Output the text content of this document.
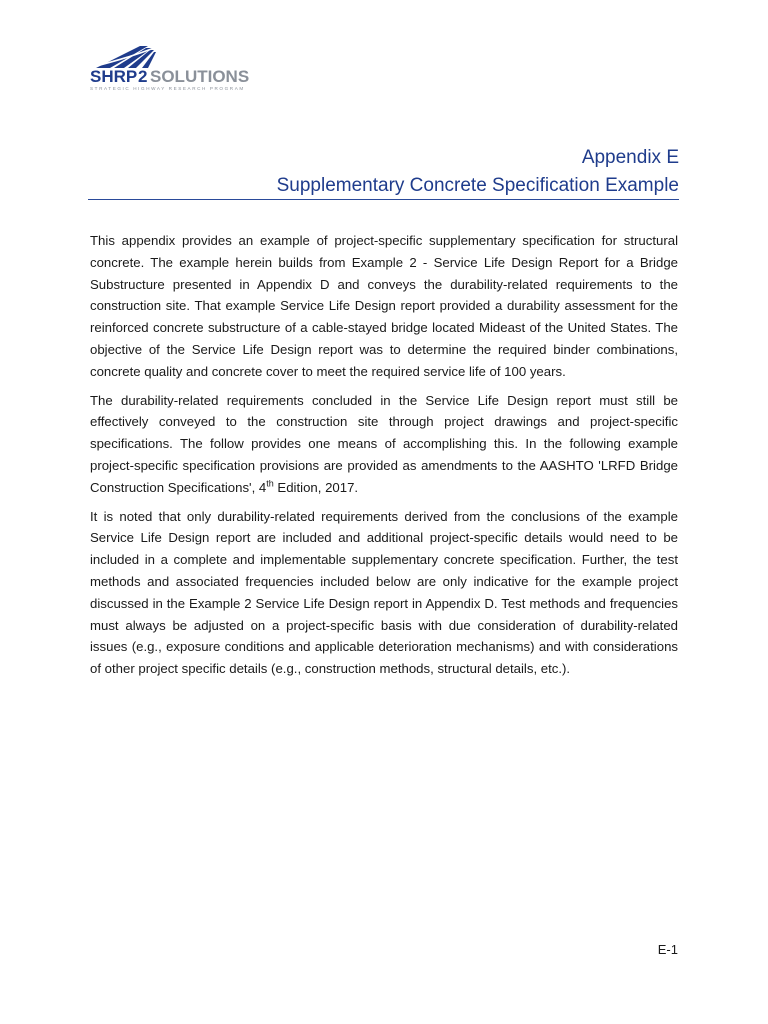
SHRP 2 SOLUTIONS
STRATEGIC HIGHWAY RESEARCH PROGRAM
Appendix E
Supplementary Concrete Specification Example

This appendix provides an example of project-specific supplementary specification for structural concrete. The example herein builds from Example 2 - Service Life Design Report for a Bridge Substructure presented in Appendix D and conveys the durability-related requirements to the construction site. That example Service Life Design report provided a durability assessment for the reinforced concrete substructure of a cable-stayed bridge located Mideast of the United States. The objective of the Service Life Design report was to determine the required binder combinations, concrete quality and concrete cover to meet the required service life of 100 years.

The durability-related requirements concluded in the Service Life Design report must still be effectively conveyed to the construction site through project drawings and project-specific specifications. The follow provides one means of accomplishing this. In the following example project-specific specification provisions are provided as amendments to the AASHTO 'LRFD Bridge Construction Specifications', 4th Edition, 2017.

It is noted that only durability-related requirements derived from the conclusions of the example Service Life Design report are included and additional project-specific details would need to be included in a complete and implementable supplementary concrete specification. Further, the test methods and associated frequencies included below are only indicative for the example project discussed in the Example 2 Service Life Design report in Appendix D. Test methods and frequencies must always be adjusted on a project-specific basis with due consideration of durability-related issues (e.g., exposure conditions and applicable deterioration mechanisms) and with considerations of other project specific details (e.g., construction methods, structural details, etc.).

E-1
